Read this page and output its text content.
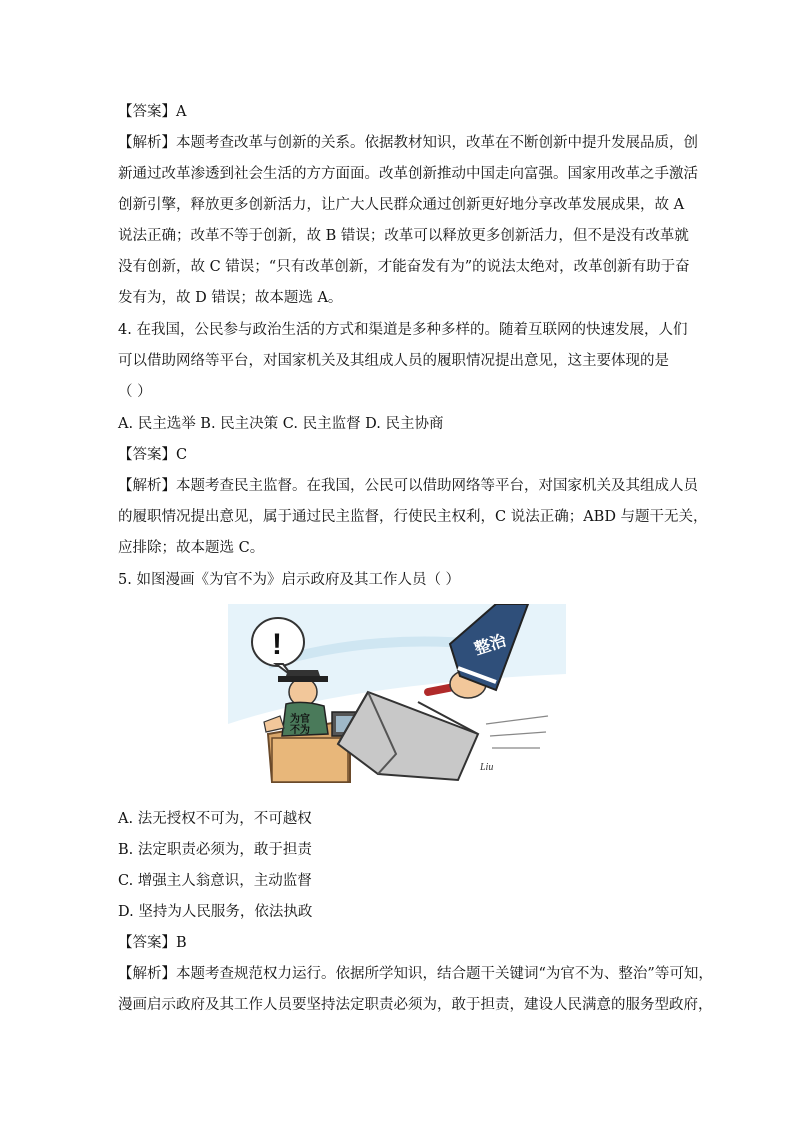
【答案】A
【解析】本题考查改革与创新的关系。依据教材知识，改革在不断创新中提升发展品质，创
新通过改革渗透到社会生活的方方面面。改革创新推动中国走向富强。国家用改革之手激活
创新引擎，释放更多创新活力，让广大人民群众通过创新更好地分享改革发展成果，故 A
说法正确；改革不等于创新，故 B 错误；改革可以释放更多创新活力，但不是没有改革就
没有创新，故 C 错误；“只有改革创新，才能奋发有为”的说法太绝对，改革创新有助于奋
发有为，故 D 错误；故本题选 A。
4. 在我国，公民参与政治生活的方式和渠道是多种多样的。随着互联网的快速发展，人们
可以借助网络等平台，对国家机关及其组成人员的履职情况提出意见，这主要体现的是
（ ）
A. 民主选举 B. 民主决策 C. 民主监督 D. 民主协商
【答案】C
【解析】本题考查民主监督。在我国，公民可以借助网络等平台，对国家机关及其组成人员
的履职情况提出意见，属于通过民主监督，行使民主权利，C 说法正确；ABD 与题干无关，
应排除；故本题选 C。
5. 如图漫画《为官不为》启示政府及其工作人员（ ）
!
为官不为
整治
Liu
A. 法无授权不可为，不可越权
B. 法定职责必须为，敢于担责
C. 增强主人翁意识，主动监督
D. 坚持为人民服务，依法执政
【答案】B
【解析】本题考查规范权力运行。依据所学知识，结合题干关键词“为官不为、整治”等可知，
漫画启示政府及其工作人员要坚持法定职责必须为，敢于担责，建设人民满意的服务型政府，
